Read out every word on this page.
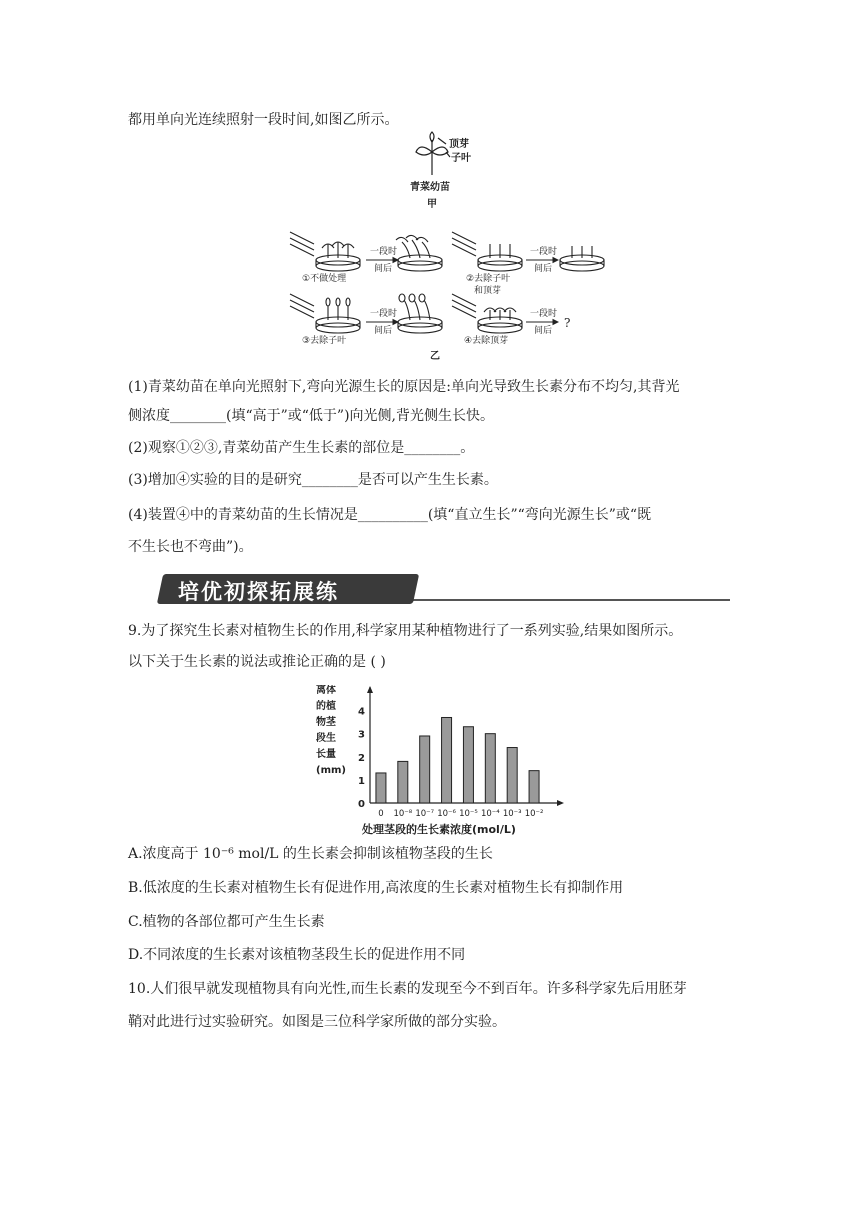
都用单向光连续照射一段时间,如图乙所示。
顶芽
子叶
青菜幼苗
甲
①不做处理
一段时
间后
②去除子叶
和顶芽
一段时
间后
③去除子叶
一段时
间后
④去除顶芽
一段时
间后
?
乙
(1)青菜幼苗在单向光照射下,弯向光源生长的原因是:单向光导致生长素分布不均匀,其背光
侧浓度________(填“高于”或“低于”)向光侧,背光侧生长快。
(2)观察①②③,青菜幼苗产生生长素的部位是________。
(3)增加④实验的目的是研究________是否可以产生生长素。
(4)装置④中的青菜幼苗的生长情况是__________(填“直立生长”“弯向光源生长”或“既
不生长也不弯曲”)。
培优初探拓展练
9.为了探究生长素对植物生长的作用,科学家用某种植物进行了一系列实验,结果如图所示。
以下关于生长素的说法或推论正确的是 ( )
离体
的植
物茎
段生
长量
(mm)
0
1
2
3
4
0 10⁻⁸ 10⁻⁷ 10⁻⁶ 10⁻⁵ 10⁻⁴ 10⁻³ 10⁻²
处理茎段的生长素浓度(mol/L)
A.浓度高于 10⁻⁶ mol/L 的生长素会抑制该植物茎段的生长
B.低浓度的生长素对植物生长有促进作用,高浓度的生长素对植物生长有抑制作用
C.植物的各部位都可产生生长素
D.不同浓度的生长素对该植物茎段生长的促进作用不同
10.人们很早就发现植物具有向光性,而生长素的发现至今不到百年。许多科学家先后用胚芽
鞘对此进行过实验研究。如图是三位科学家所做的部分实验。
